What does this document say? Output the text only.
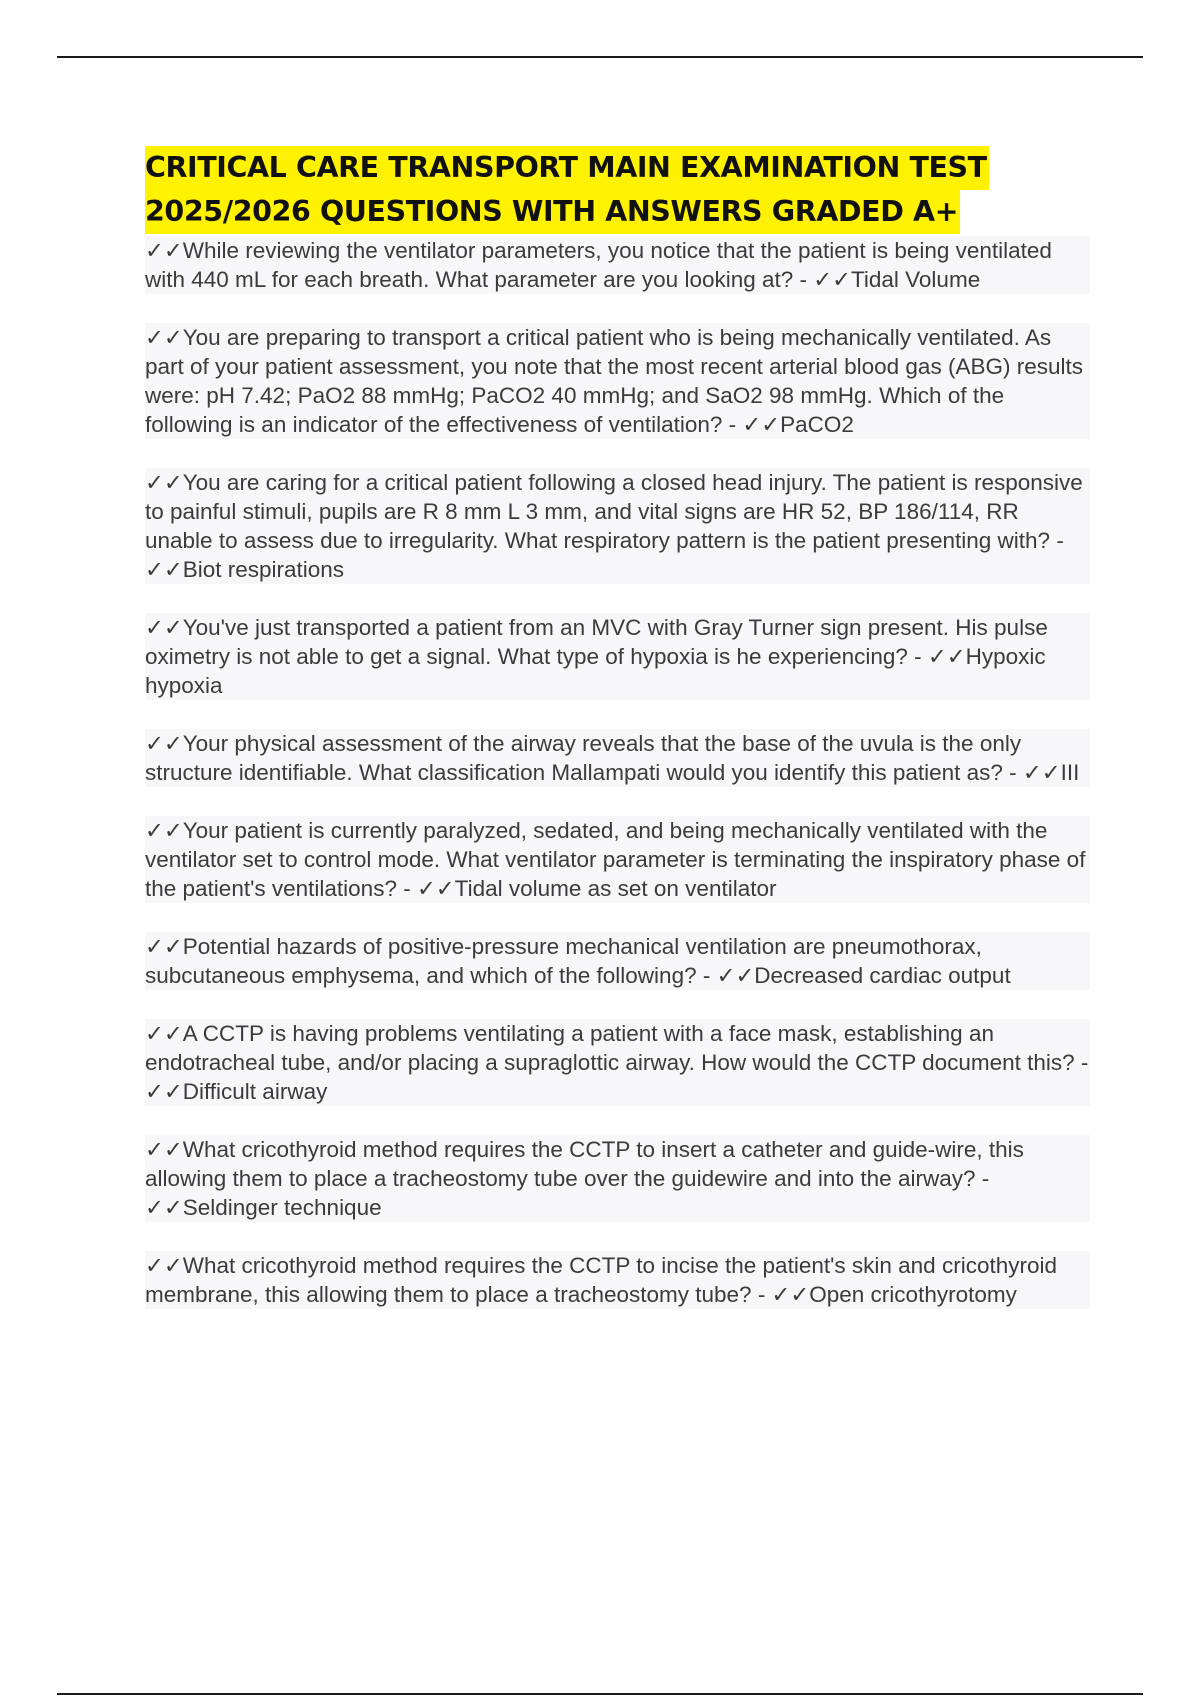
CRITICAL CARE TRANSPORT MAIN EXAMINATION TEST
2025/2026 QUESTIONS WITH ANSWERS GRADED A+
✓✓While reviewing the ventilator parameters, you notice that the patient is being ventilated with 440 mL for each breath. What parameter are you looking at? - ✓✓Tidal Volume
✓✓You are preparing to transport a critical patient who is being mechanically ventilated. As part of your patient assessment, you note that the most recent arterial blood gas (ABG) results were: pH 7.42; PaO2 88 mmHg; PaCO2 40 mmHg; and SaO2 98 mmHg. Which of the following is an indicator of the effectiveness of ventilation? - ✓✓PaCO2
✓✓You are caring for a critical patient following a closed head injury. The patient is responsive to painful stimuli, pupils are R 8 mm L 3 mm, and vital signs are HR 52, BP 186/114, RR unable to assess due to irregularity. What respiratory pattern is the patient presenting with? - ✓✓Biot respirations
✓✓You've just transported a patient from an MVC with Gray Turner sign present. His pulse oximetry is not able to get a signal. What type of hypoxia is he experiencing? - ✓✓Hypoxic hypoxia
✓✓Your physical assessment of the airway reveals that the base of the uvula is the only structure identifiable. What classification Mallampati would you identify this patient as? - ✓✓III
✓✓Your patient is currently paralyzed, sedated, and being mechanically ventilated with the ventilator set to control mode. What ventilator parameter is terminating the inspiratory phase of the patient's ventilations? - ✓✓Tidal volume as set on ventilator
✓✓Potential hazards of positive-pressure mechanical ventilation are pneumothorax, subcutaneous emphysema, and which of the following? - ✓✓Decreased cardiac output
✓✓A CCTP is having problems ventilating a patient with a face mask, establishing an endotracheal tube, and/or placing a supraglottic airway. How would the CCTP document this? - ✓✓Difficult airway
✓✓What cricothyroid method requires the CCTP to insert a catheter and guide-wire, this allowing them to place a tracheostomy tube over the guidewire and into the airway? - ✓✓Seldinger technique
✓✓What cricothyroid method requires the CCTP to incise the patient's skin and cricothyroid membrane, this allowing them to place a tracheostomy tube? - ✓✓Open cricothyrotomy
